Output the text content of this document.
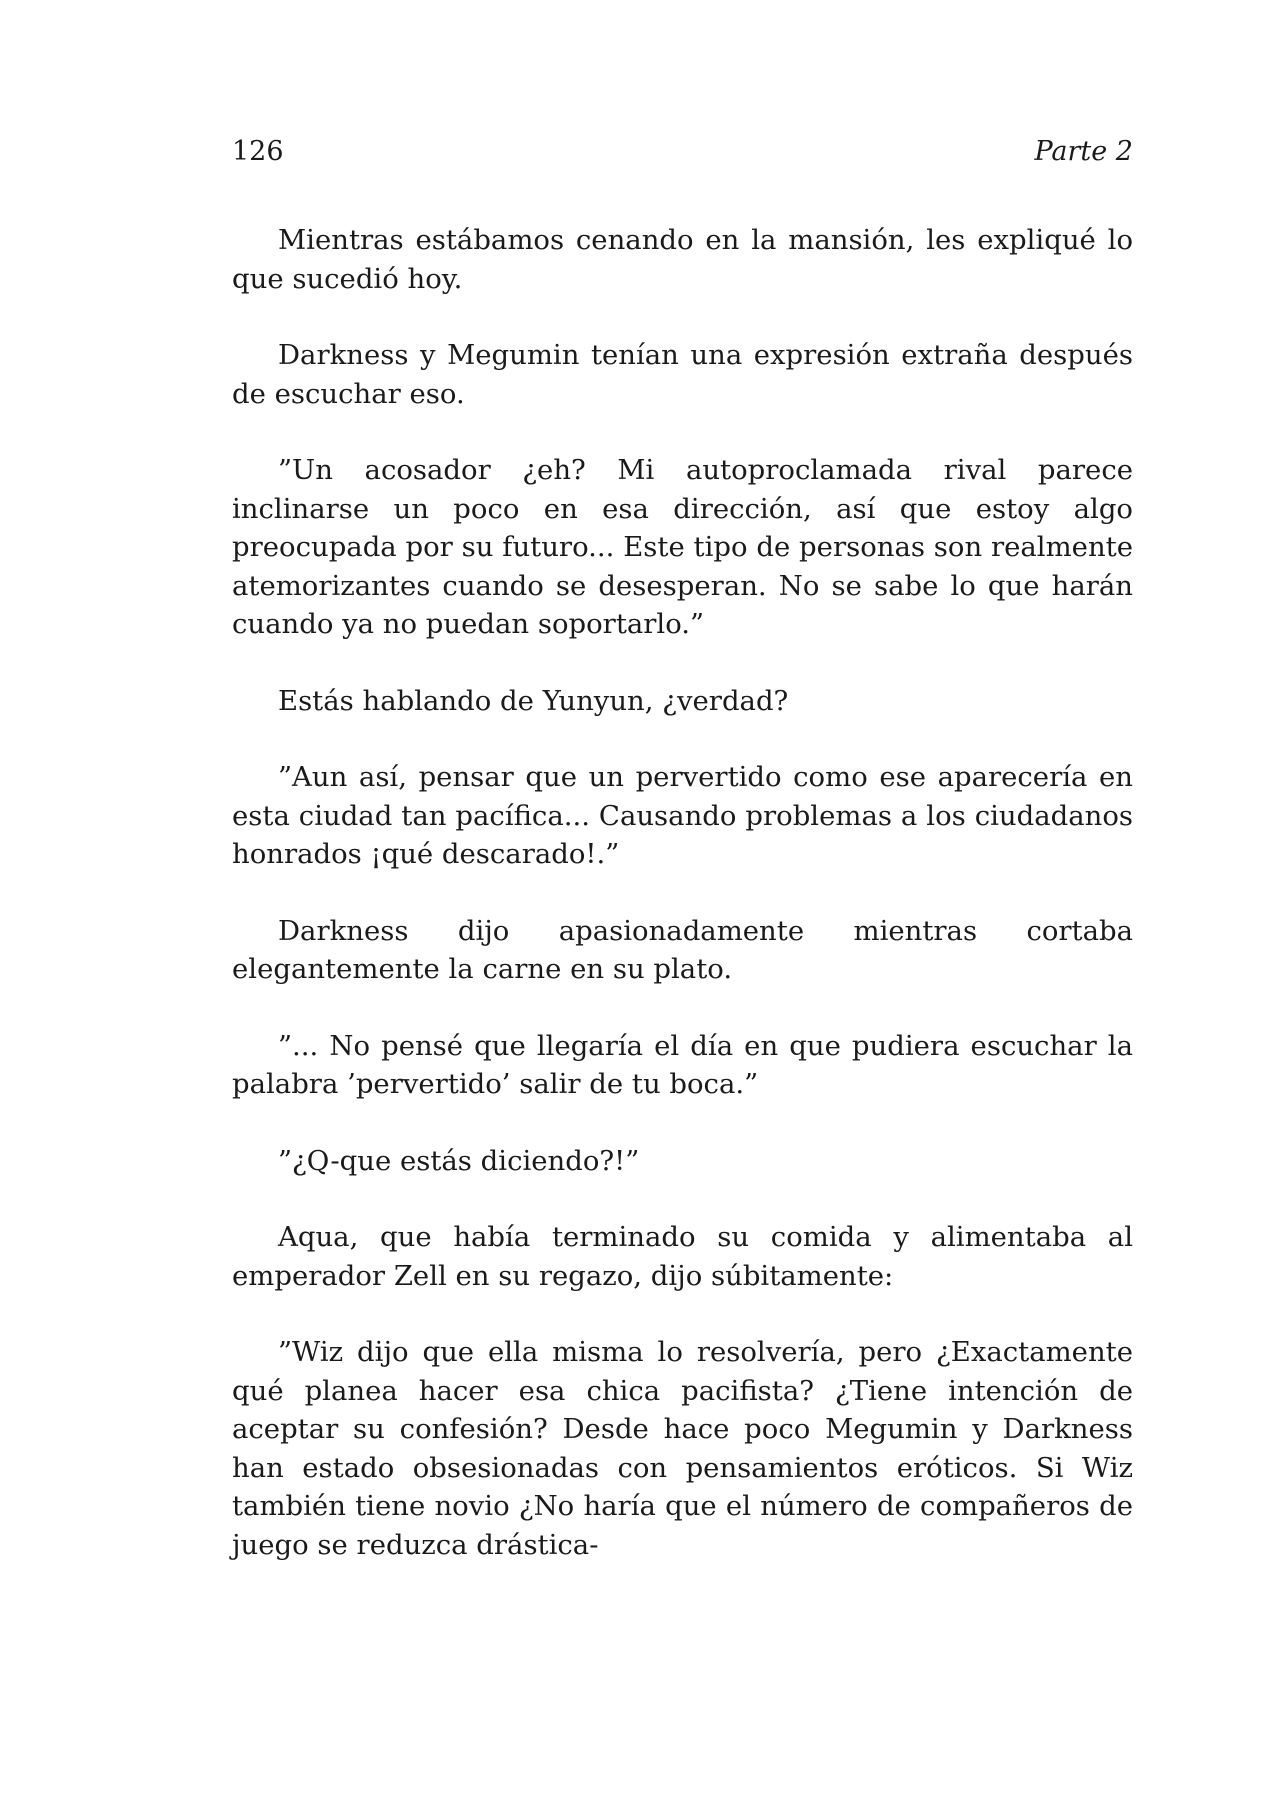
126	Parte 2

Mientras estábamos cenando en la mansión, les expliqué lo que sucedió hoy.

Darkness y Megumin tenían una expresión extraña después de escuchar eso.

”Un acosador ¿eh? Mi autoproclamada rival parece inclinarse un poco en esa dirección, así que estoy algo preocupada por su futuro... Este tipo de personas son realmente atemorizantes cuando se desesperan. No se sabe lo que harán cuando ya no puedan soportarlo.”

Estás hablando de Yunyun, ¿verdad?

”Aun así, pensar que un pervertido como ese aparecería en esta ciudad tan pacífica... Causando problemas a los ciudadanos honrados ¡qué descarado!.”

Darkness dijo apasionadamente mientras cortaba elegantemente la carne en su plato.

”... No pensé que llegaría el día en que pudiera escuchar la palabra ’pervertido’ salir de tu boca.”

”¿Q-que estás diciendo?!”

Aqua, que había terminado su comida y alimentaba al emperador Zell en su regazo, dijo súbitamente:

”Wiz dijo que ella misma lo resolvería, pero ¿Exactamente qué planea hacer esa chica pacifista? ¿Tiene intención de aceptar su confesión? Desde hace poco Megumin y Darkness han estado obsesionadas con pensamientos eróticos. Si Wiz también tiene novio ¿No haría que el número de compañeros de juego se reduzca drástica-
